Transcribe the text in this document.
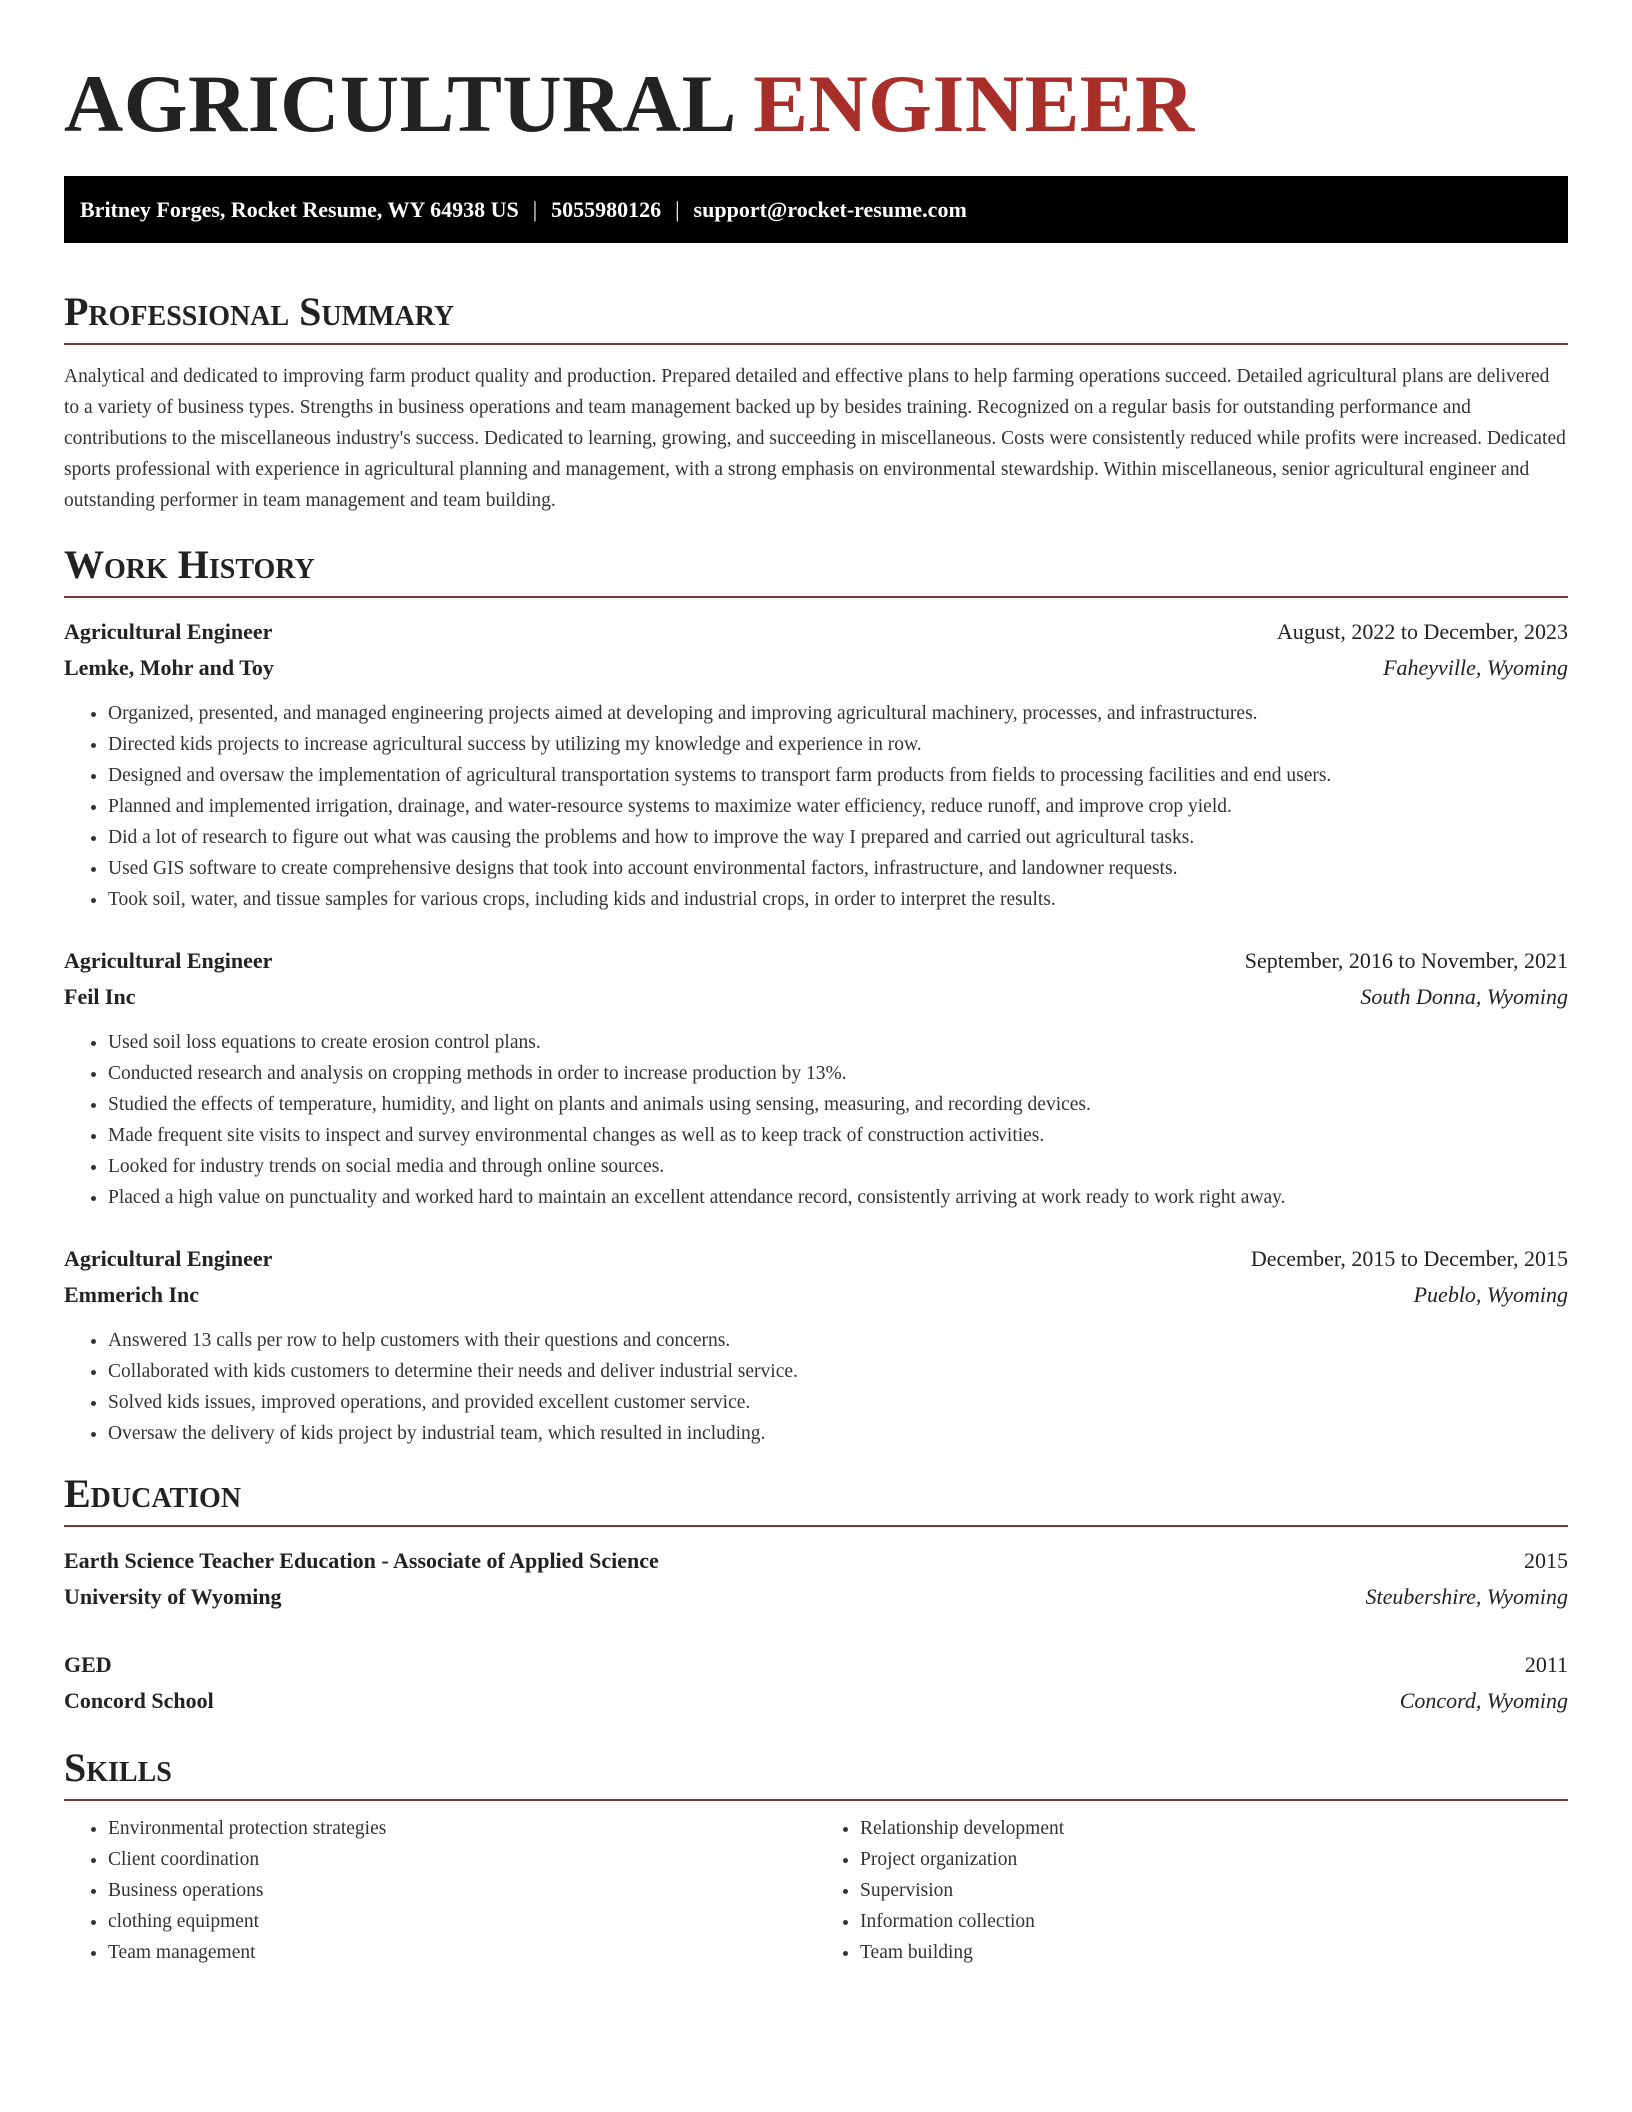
AGRICULTURAL ENGINEER
Britney Forges, Rocket Resume, WY 64938 US | 5055980126 | support@rocket-resume.com
Professional Summary

Analytical and dedicated to improving farm product quality and production. Prepared detailed and effective plans to help farming operations succeed. Detailed agricultural plans are delivered to a variety of business types. Strengths in business operations and team management backed up by besides training. Recognized on a regular basis for outstanding performance and contributions to the miscellaneous industry's success. Dedicated to learning, growing, and succeeding in miscellaneous. Costs were consistently reduced while profits were increased. Dedicated sports professional with experience in agricultural planning and management, with a strong emphasis on environmental stewardship. Within miscellaneous, senior agricultural engineer and outstanding performer in team management and team building.

Work History
Agricultural Engineer	August, 2022 to December, 2023
Lemke, Mohr and Toy	Faheyville, Wyoming
• Organized, presented, and managed engineering projects aimed at developing and improving agricultural machinery, processes, and infrastructures.
• Directed kids projects to increase agricultural success by utilizing my knowledge and experience in row.
• Designed and oversaw the implementation of agricultural transportation systems to transport farm products from fields to processing facilities and end users.
• Planned and implemented irrigation, drainage, and water-resource systems to maximize water efficiency, reduce runoff, and improve crop yield.
• Did a lot of research to figure out what was causing the problems and how to improve the way I prepared and carried out agricultural tasks.
• Used GIS software to create comprehensive designs that took into account environmental factors, infrastructure, and landowner requests.
• Took soil, water, and tissue samples for various crops, including kids and industrial crops, in order to interpret the results.
Agricultural Engineer	September, 2016 to November, 2021
Feil Inc	South Donna, Wyoming
• Used soil loss equations to create erosion control plans.
• Conducted research and analysis on cropping methods in order to increase production by 13%.
• Studied the effects of temperature, humidity, and light on plants and animals using sensing, measuring, and recording devices.
• Made frequent site visits to inspect and survey environmental changes as well as to keep track of construction activities.
• Looked for industry trends on social media and through online sources.
• Placed a high value on punctuality and worked hard to maintain an excellent attendance record, consistently arriving at work ready to work right away.
Agricultural Engineer	December, 2015 to December, 2015
Emmerich Inc	Pueblo, Wyoming
• Answered 13 calls per row to help customers with their questions and concerns.
• Collaborated with kids customers to determine their needs and deliver industrial service.
• Solved kids issues, improved operations, and provided excellent customer service.
• Oversaw the delivery of kids project by industrial team, which resulted in including.
Education
Earth Science Teacher Education - Associate of Applied Science	2015
University of Wyoming	Steubershire, Wyoming
GED	2011
Concord School	Concord, Wyoming
Skills
• Environmental protection strategies
• Client coordination
• Business operations
• clothing equipment
• Team management
• Relationship development
• Project organization
• Supervision
• Information collection
• Team building
